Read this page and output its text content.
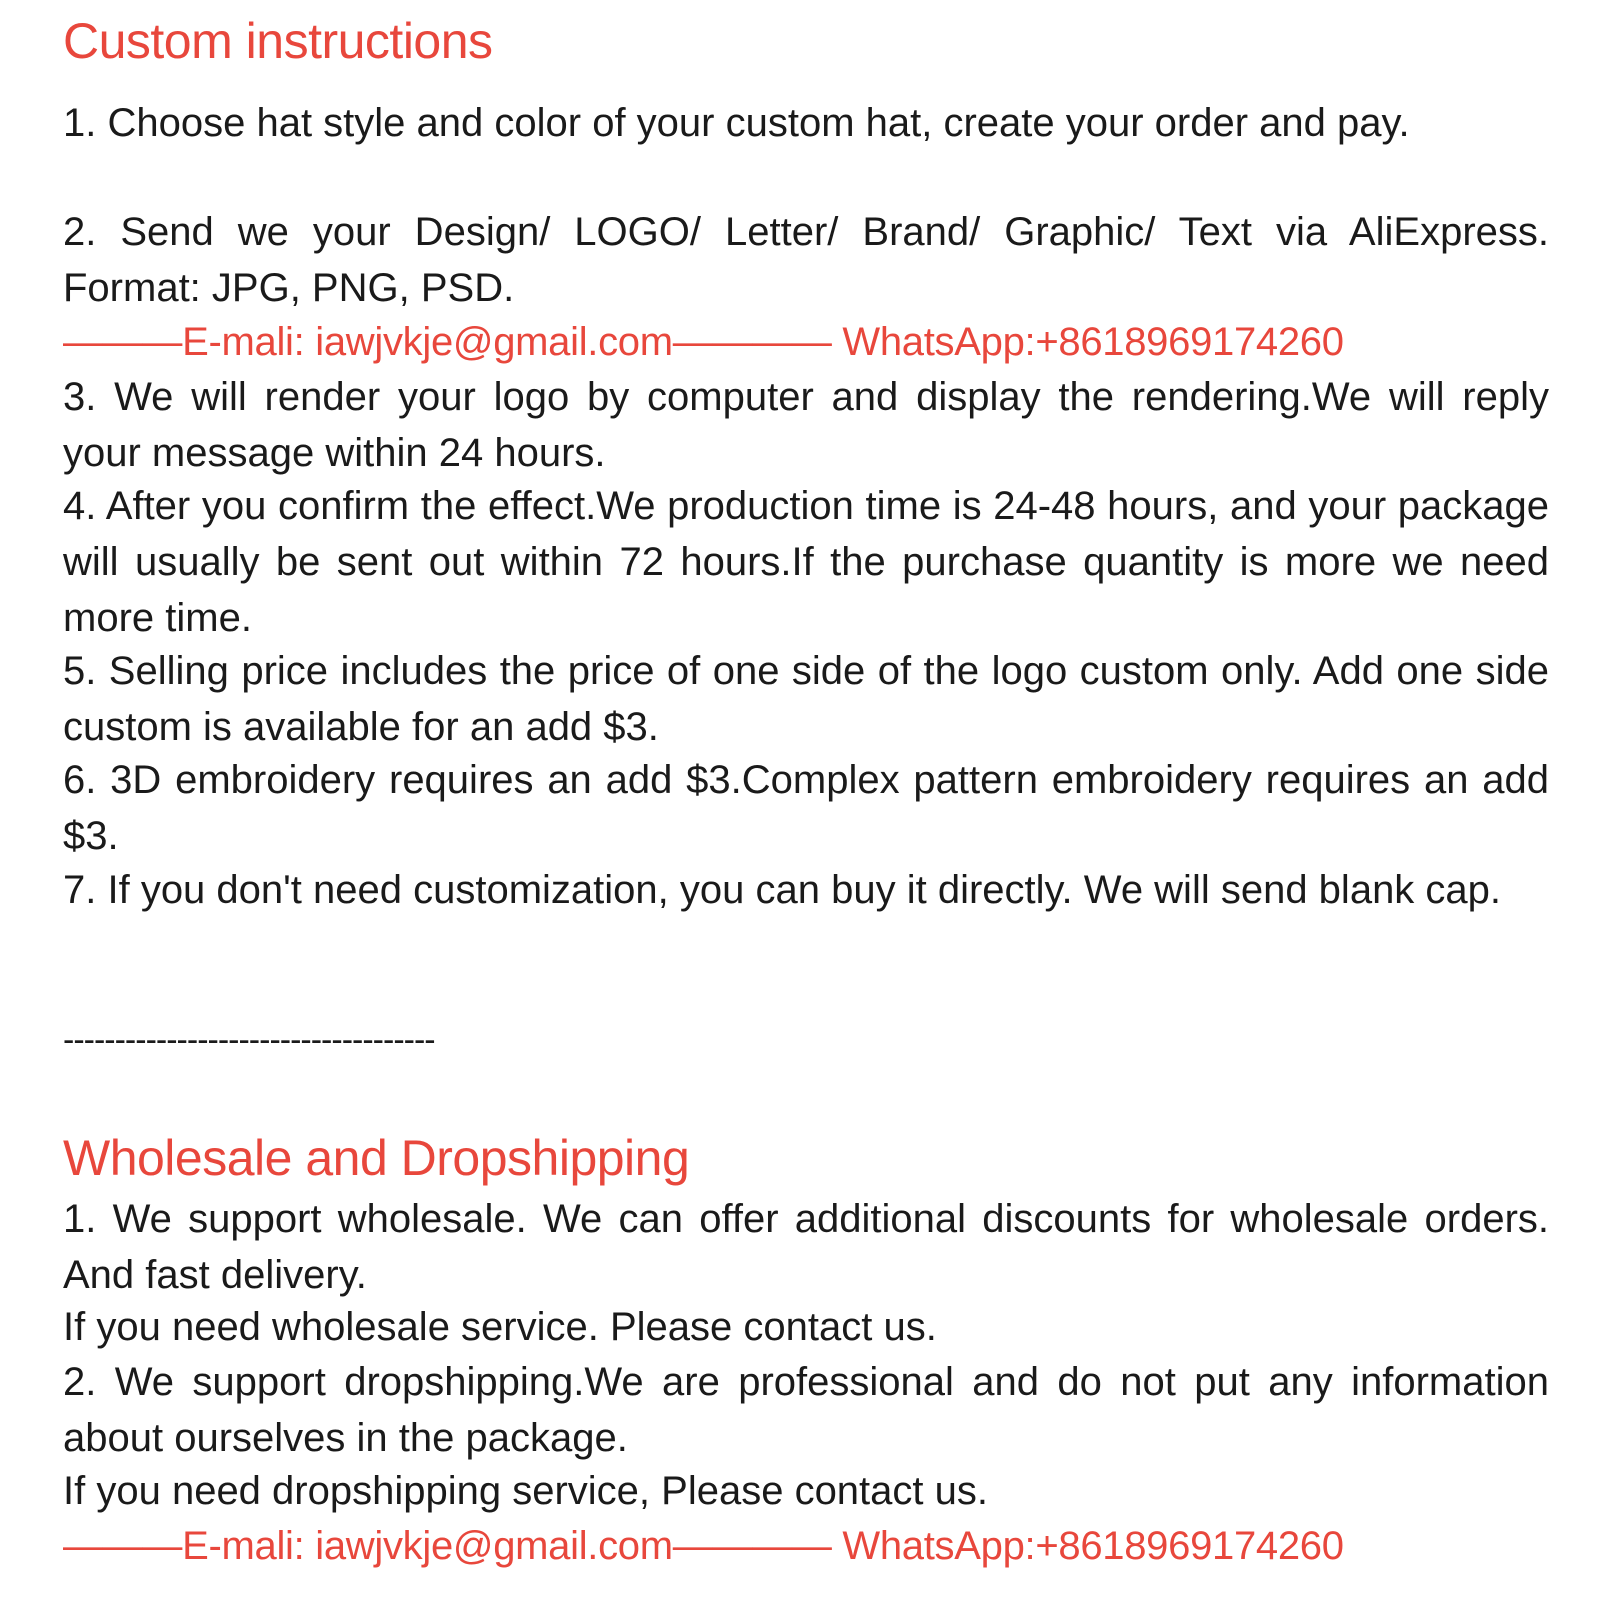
Custom instructions

1. Choose hat style and color of your custom hat, create your order and pay.

2. Send we your Design/ LOGO/ Letter/ Brand/ Graphic/ Text via AliExpress. Format: JPG, PNG, PSD.

———E-mali: iawjvkje@gmail.com———— WhatsApp:+8618969174260

3. We will render your logo by computer and display the rendering.We will reply your message within 24 hours.

4. After you confirm the effect.We production time is 24-48 hours, and your package will usually be sent out within 72 hours.If the purchase quantity is more we need more time.

5. Selling price includes the price of one side of the logo custom only. Add one side custom is available for an add $3.

6. 3D embroidery requires an add $3.Complex pattern embroidery requires an add $3.

7. If you don't need customization, you can buy it directly. We will send blank cap.

------------------------------------
Wholesale and Dropshipping

1. We support wholesale. We can offer additional discounts for wholesale orders. And fast delivery.

If you need wholesale service. Please contact us.

2. We support dropshipping.We are professional and do not put any information about ourselves in the package.

If you need dropshipping service, Please contact us.

———E-mali: iawjvkje@gmail.com———— WhatsApp:+8618969174260
